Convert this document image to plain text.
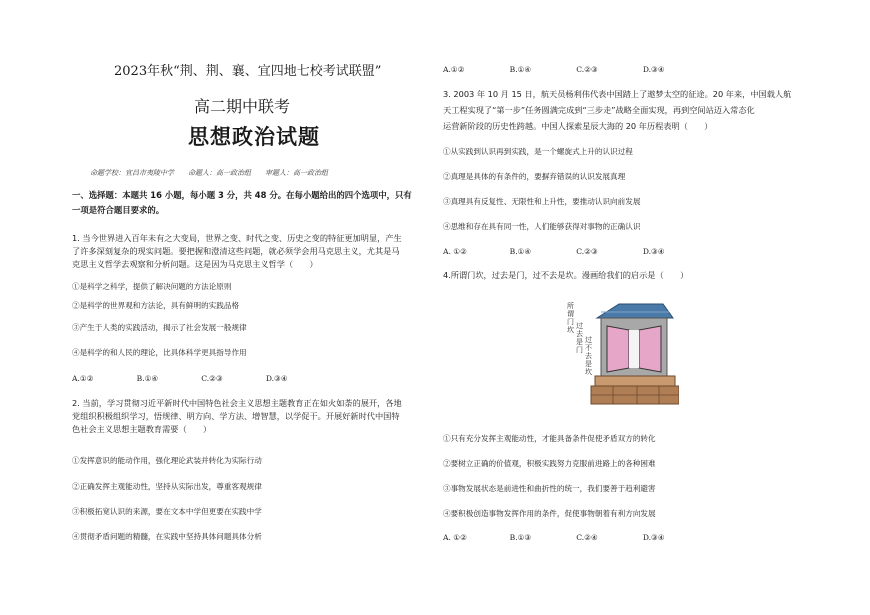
2023年秋“荆、荆、襄、宜四地七校考试联盟”
高二期中联考
思想政治试题
命题学校：宜昌市夷陵中学　　命题人：高一政治组　　审题人：高一政治组
一、选择题：本题共 16 小题，每小题 3 分，共 48 分。在每小题给出的四个选项中，只有
一项是符合题目要求的。
1. 当今世界进入百年未有之大变局，世界之变、时代之变、历史之变的特征更加明显，产生
了许多深刻复杂的现实问题。要把握和澄清这些问题，就必须学会用马克思主义，尤其是马
克思主义哲学去观察和分析问题。这是因为马克思主义哲学（　　）
①是科学之科学，提供了解决问题的方法论原则
②是科学的世界观和方法论，具有鲜明的实践品格
③产生于人类的实践活动，揭示了社会发展一般规律
④是科学的和人民的理论，比具体科学更具指导作用
A.①②	B.①④	C.②③	D.③④
2. 当前，学习贯彻习近平新时代中国特色社会主义思想主题教育正在如火如荼的展开，各地
党组织积极组织学习，悟规律、明方向、学方法、增智慧，以学促干。开展好新时代中国特
色社会主义思想主题教育需要（　　）
①发挥意识的能动作用，强化理论武装并转化为实际行动
②正确发挥主观能动性，坚持从实际出发，尊重客观规律
③积极拓宽认识的来源，要在文本中学但更要在实践中学
④贯彻矛盾问题的精髓，在实践中坚持具体问题具体分析
A.①②	B.①④	C.②③	D.③④
3. 2003 年 10 月 15 日，航天员杨利伟代表中国踏上了遨梦太空的征途。20 年来，中国载人航
天工程实现了“第一步”任务圆满完成到“三步走”战略全面实现，再到空间站迈入常态化
运营新阶段的历史性跨越。中国人探索星辰大海的 20 年历程表明（　　）
①从实践到认识再到实践，是一个螺旋式上升的认识过程
②真理是具体的有条件的，要摒弃错误的认识发展真理
③真理具有反复性、无限性和上升性，要推动认识向前发展
④思维和存在具有同一性，人们能够获得对事物的正确认识
A. ①②	B.①④	C.②③	D.③④
4.所谓门坎，过去是门，过不去是坎。漫画给我们的启示是（　　）
所
谓
门
坎 过
去
是
门
过
不
去
是
坎
①只有充分发挥主观能动性，才能具备条件促使矛盾双方的转化
②要树立正确的价值观，积极实践努力克服前进路上的各种困难
③事物发展状态是前进性和曲折性的统一，我们要善于趋利避害
④要积极创造事物发挥作用的条件，促使事物朝着有利方向发展
A. ①②	B.①③	C.②④	D.③④
